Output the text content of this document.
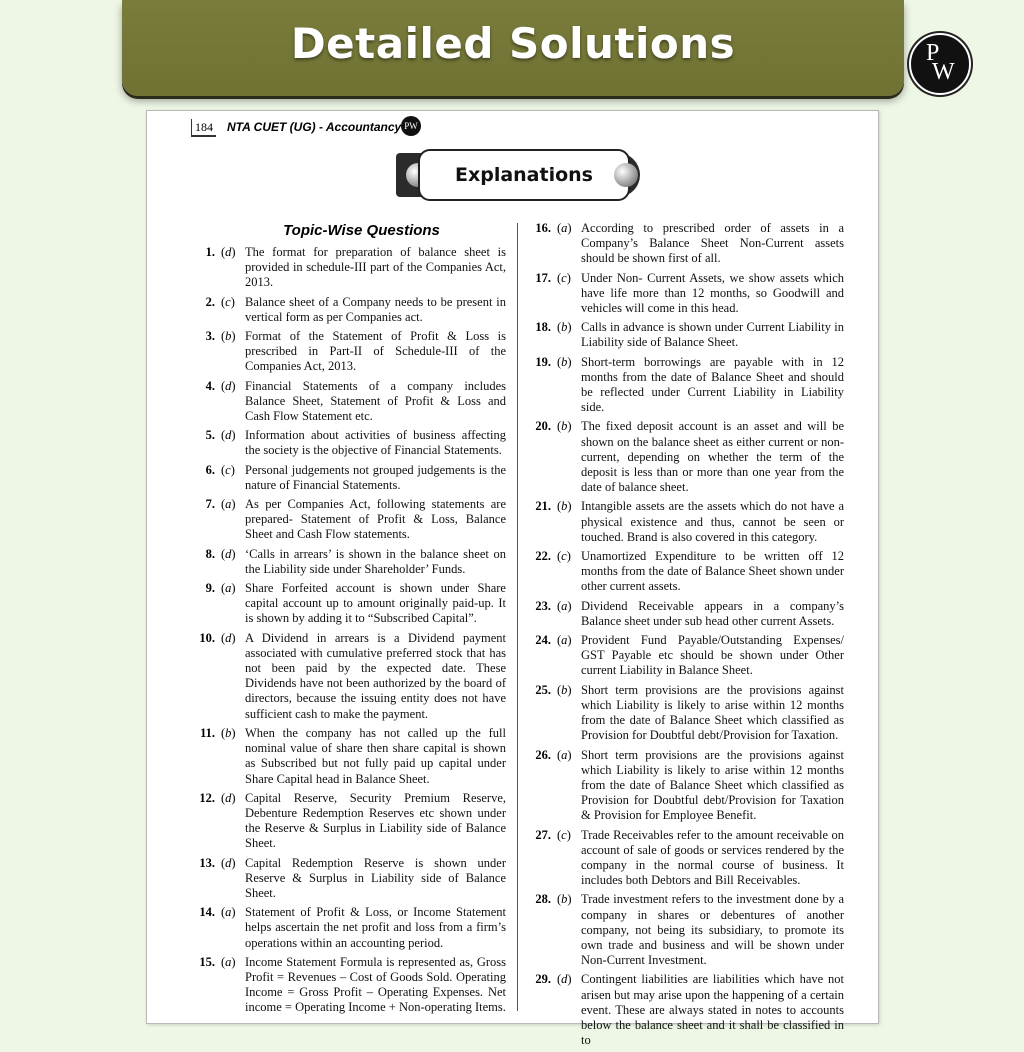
Detailed Solutions	P
W
184 NTA CUET (UG) - Accountancy PW
Explanations
Topic-Wise Questions
1. (d) The format for preparation of balance sheet is provided in schedule-III part of the Companies Act, 2013.
2. (c) Balance sheet of a Company needs to be present in vertical form as per Companies act.
3. (b) Format of the Statement of Profit & Loss is prescribed in Part-II of Schedule-III of the Companies Act, 2013.
4. (d) Financial Statements of a company includes Balance Sheet, Statement of Profit & Loss and Cash Flow Statement etc.
5. (d) Information about activities of business affecting the society is the objective of Financial Statements.
6. (c) Personal judgements not grouped judgements is the nature of Financial Statements.
7. (a) As per Companies Act, following statements are prepared- Statement of Profit & Loss, Balance Sheet and Cash Flow statements.
8. (d) ‘Calls in arrears’ is shown in the balance sheet on the Liability side under Shareholder’ Funds.
9. (a) Share Forfeited account is shown under Share capital account up to amount originally paid-up. It is shown by adding it to “Subscribed Capital”.
10. (d) A Dividend in arrears is a Dividend payment associated with cumulative preferred stock that has not been paid by the expected date. These Dividends have not been authorized by the board of directors, because the issuing entity does not have sufficient cash to make the payment.
11. (b) When the company has not called up the full nominal value of share then share capital is shown as Subscribed but not fully paid up capital under Share Capital head in Balance Sheet.
12. (d) Capital Reserve, Security Premium Reserve, Debenture Redemption Reserves etc shown under the Reserve & Surplus in Liability side of Balance Sheet.
13. (d) Capital Redemption Reserve is shown under Reserve & Surplus in Liability side of Balance Sheet.
14. (a) Statement of Profit & Loss, or Income Statement helps ascertain the net profit and loss from a firm’s operations within an accounting period.
15. (a) Income Statement Formula is represented as, Gross Profit = Revenues – Cost of Goods Sold. Operating Income = Gross Profit – Operating Expenses. Net income = Operating Income + Non-operating Items.
16. (a) According to prescribed order of assets in a Company’s Balance Sheet Non-Current assets should be shown first of all.
17. (c) Under Non- Current Assets, we show assets which have life more than 12 months, so Goodwill and vehicles will come in this head.
18. (b) Calls in advance is shown under Current Liability in Liability side of Balance Sheet.
19. (b) Short-term borrowings are payable with in 12 months from the date of Balance Sheet and should be reflected under Current Liability in Liability side.
20. (b) The fixed deposit account is an asset and will be shown on the balance sheet as either current or non-current, depending on whether the term of the deposit is less than or more than one year from the date of balance sheet.
21. (b) Intangible assets are the assets which do not have a physical existence and thus, cannot be seen or touched. Brand is also covered in this category.
22. (c) Unamortized Expenditure to be written off 12 months from the date of Balance Sheet shown under other current assets.
23. (a) Dividend Receivable appears in a company’s Balance sheet under sub head other current Assets.
24. (a) Provident Fund Payable/Outstanding Expenses/ GST Payable etc should be shown under Other current Liability in Balance Sheet.
25. (b) Short term provisions are the provisions against which Liability is likely to arise within 12 months from the date of Balance Sheet which classified as Provision for Doubtful debt/Provision for Taxation.
26. (a) Short term provisions are the provisions against which Liability is likely to arise within 12 months from the date of Balance Sheet which classified as Provision for Doubtful debt/Provision for Taxation & Provision for Employee Benefit.
27. (c) Trade Receivables refer to the amount receivable on account of sale of goods or services rendered by the company in the normal course of business. It includes both Debtors and Bill Receivables.
28. (b) Trade investment refers to the investment done by a company in shares or debentures of another company, not being its subsidiary, to promote its own trade and business and will be shown under Non-Current Investment.
29. (d) Contingent liabilities are liabilities which have not arisen but may arise upon the happening of a certain event. These are always stated in notes to accounts below the balance sheet and it shall be classified in to
